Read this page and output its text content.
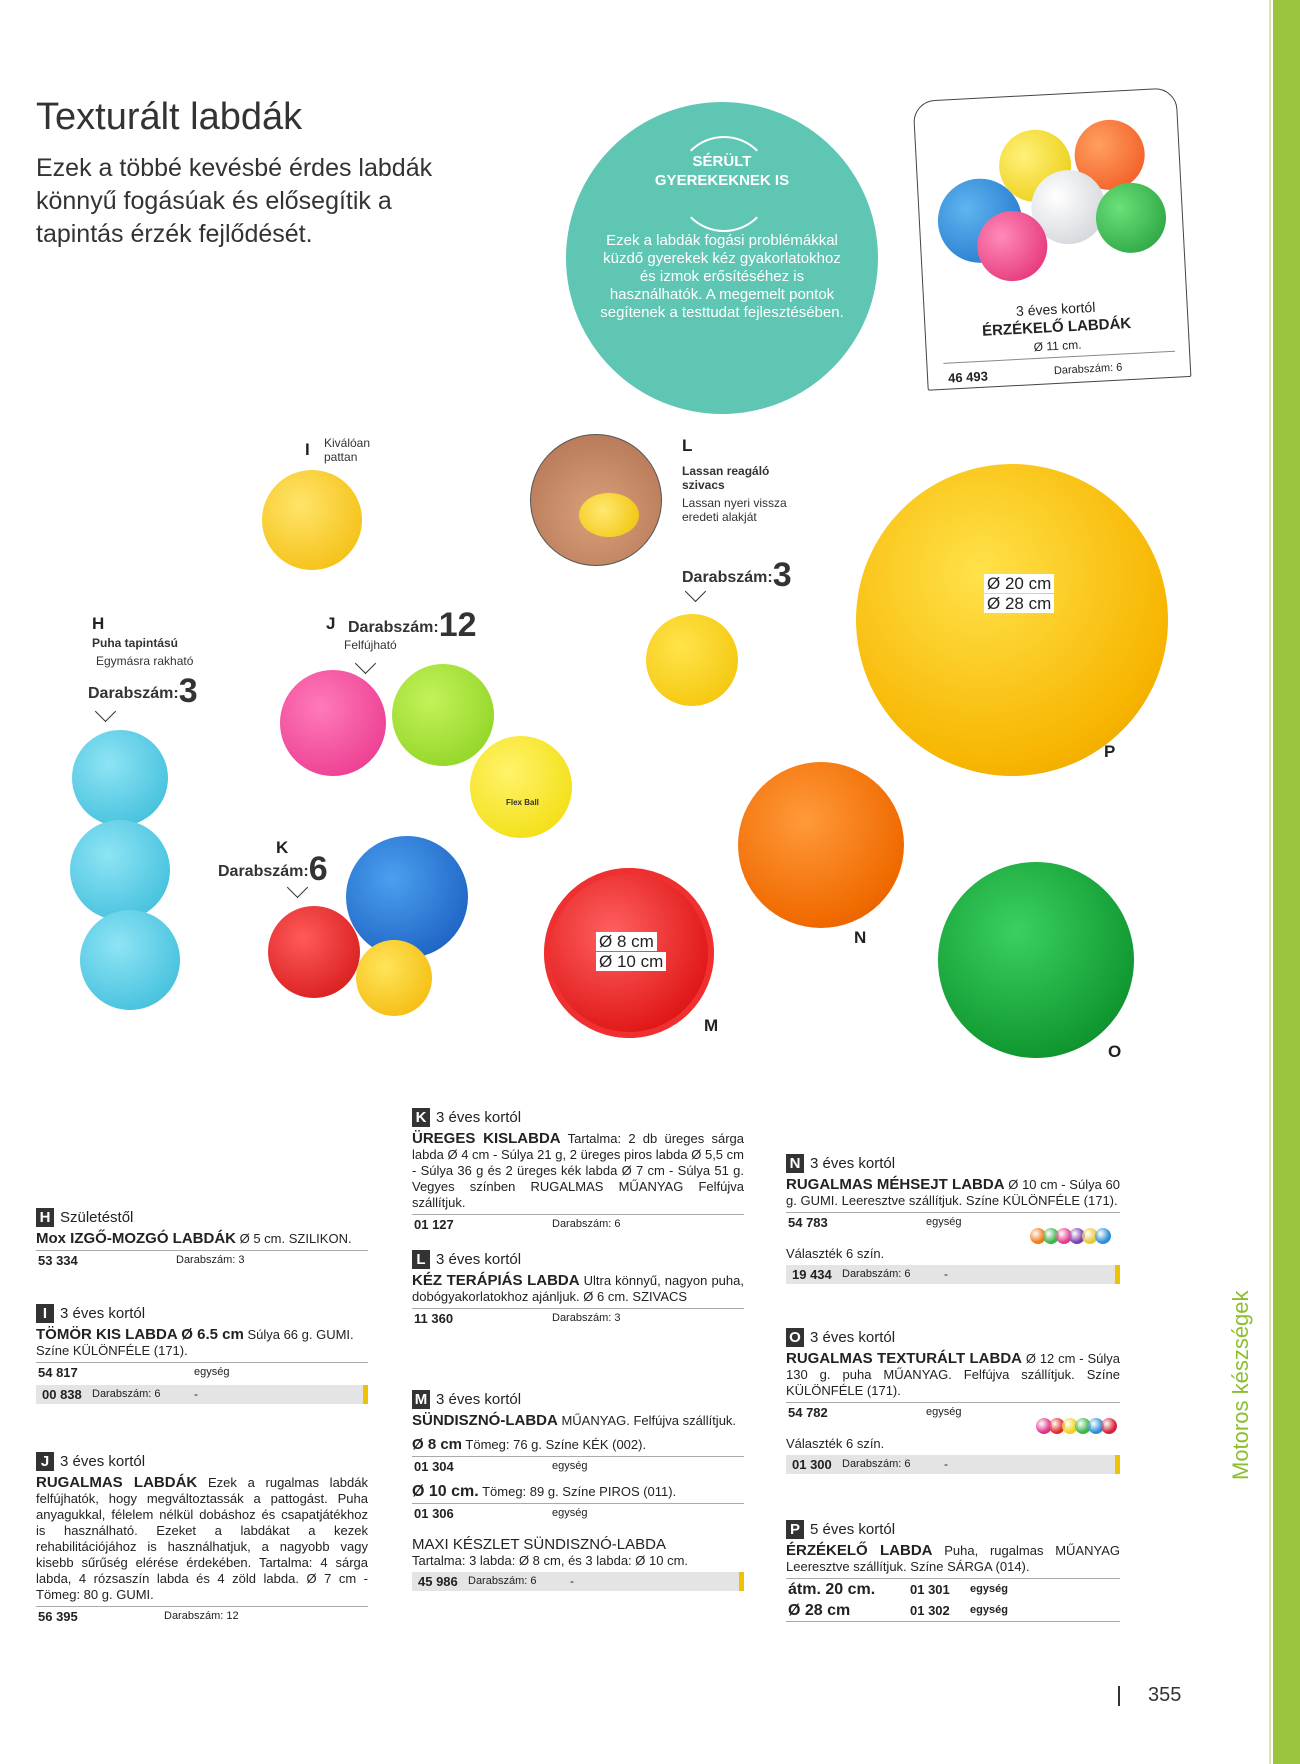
Motoros készségek
355
Texturált labdák
Ezek a többé kevésbé érdes labdák könnyű fogásúak és elősegítik a tapintás érzék fejlődését.
SÉRÜLT
GYEREKEKNEK IS
Ezek a labdák fogási problémákkal küzdő gyerekek kéz gyakorlatokhoz és izmok erősítéséhez is használhatók. A megemelt pontok segítenek a testtudat fejlesztésében.	3 éves kortól
ÉRZÉKELŐ LABDÁK
Ø 11 cm.
46 493	Darabszám: 6
I Kiválóan pattan
L
Lassan reagáló szivacs
Lassan nyeri vissza eredeti alakját
Darabszám:3	Ø 20 cm
Ø 28 cm
P
H
Puha tapintású
Egymásra rakható
Darabszám:3
J Darabszám:12
Felfújható
Flex Ball
K
Darabszám:6
Ø 8 cm
Ø 10 cm
M
N
O
H Születéstől
Mox IZGŐ-MOZGÓ LABDÁK Ø 5 cm. SZILIKON.
53 334	Darabszám: 3
I 3 éves kortól
TÖMÖR KIS LABDA Ø 6.5 cm Súlya 66 g. GUMI. Színe KÜLÖNFÉLE (171).
54 817	egység
00 838 Darabszám: 6	-
J 3 éves kortól
RUGALMAS LABDÁK Ezek a rugalmas labdák felfújhatók, hogy megváltoztassák a pattogást. Puha anyagukkal, félelem nélkül dobáshoz és csapatjátékhoz is használható. Ezeket a labdákat a kezek rehabilitációjához is használhatjuk, a nagyobb vagy kisebb sűrűség elérése érdekében. Tartalma: 4 sárga labda, 4 rózsaszín labda és 4 zöld labda. Ø 7 cm - Tömeg: 80 g. GUMI.
56 395	Darabszám: 12
K 3 éves kortól
ÜREGES KISLABDA Tartalma: 2 db üreges sárga labda Ø 4 cm - Súlya 21 g, 2 üreges piros labda Ø 5,5 cm - Súlya 36 g és 2 üreges kék labda Ø 7 cm - Súlya 51 g. Vegyes színben RUGALMAS MŰANYAG Felfújva szállítjuk.
01 127	Darabszám: 6
L 3 éves kortól
KÉZ TERÁPIÁS LABDA Ultra könnyű, nagyon puha, dobógyakorlatokhoz ajánljuk. Ø 6 cm. SZIVACS
11 360	Darabszám: 3
M 3 éves kortól
SÜNDISZNÓ-LABDA MŰANYAG. Felfújva szállítjuk.
Ø 8 cm Tömeg: 76 g. Színe KÉK (002).
01 304	egység
Ø 10 cm. Tömeg: 89 g. Színe PIROS (011).
01 306	egység
MAXI KÉSZLET SÜNDISZNÓ-LABDA
Tartalma: 3 labda: Ø 8 cm, és 3 labda: Ø 10 cm.
45 986 Darabszám: 6	-
N 3 éves kortól
RUGALMAS MÉHSEJT LABDA Ø 10 cm - Súlya 60 g. GUMI. Leeresztve szállítjuk. Színe KÜLÖNFÉLE (171).
54 783	egység
Választék 6 szín.
19 434 Darabszám: 6	-
O 3 éves kortól
RUGALMAS TEXTURÁLT LABDA Ø 12 cm - Súlya 130 g. puha MŰANYAG. Felfújva szállítjuk. Színe KÜLÖNFÉLE (171).
54 782	egység
Választék 6 szín.
01 300 Darabszám: 6	-
P 5 éves kortól
ÉRZÉKELŐ LABDA Puha, rugalmas MŰANYAG Leeresztve szállítjuk. Színe SÁRGA (014).
átm. 20 cm.	01 301 egység
Ø 28 cm	01 302 egység
